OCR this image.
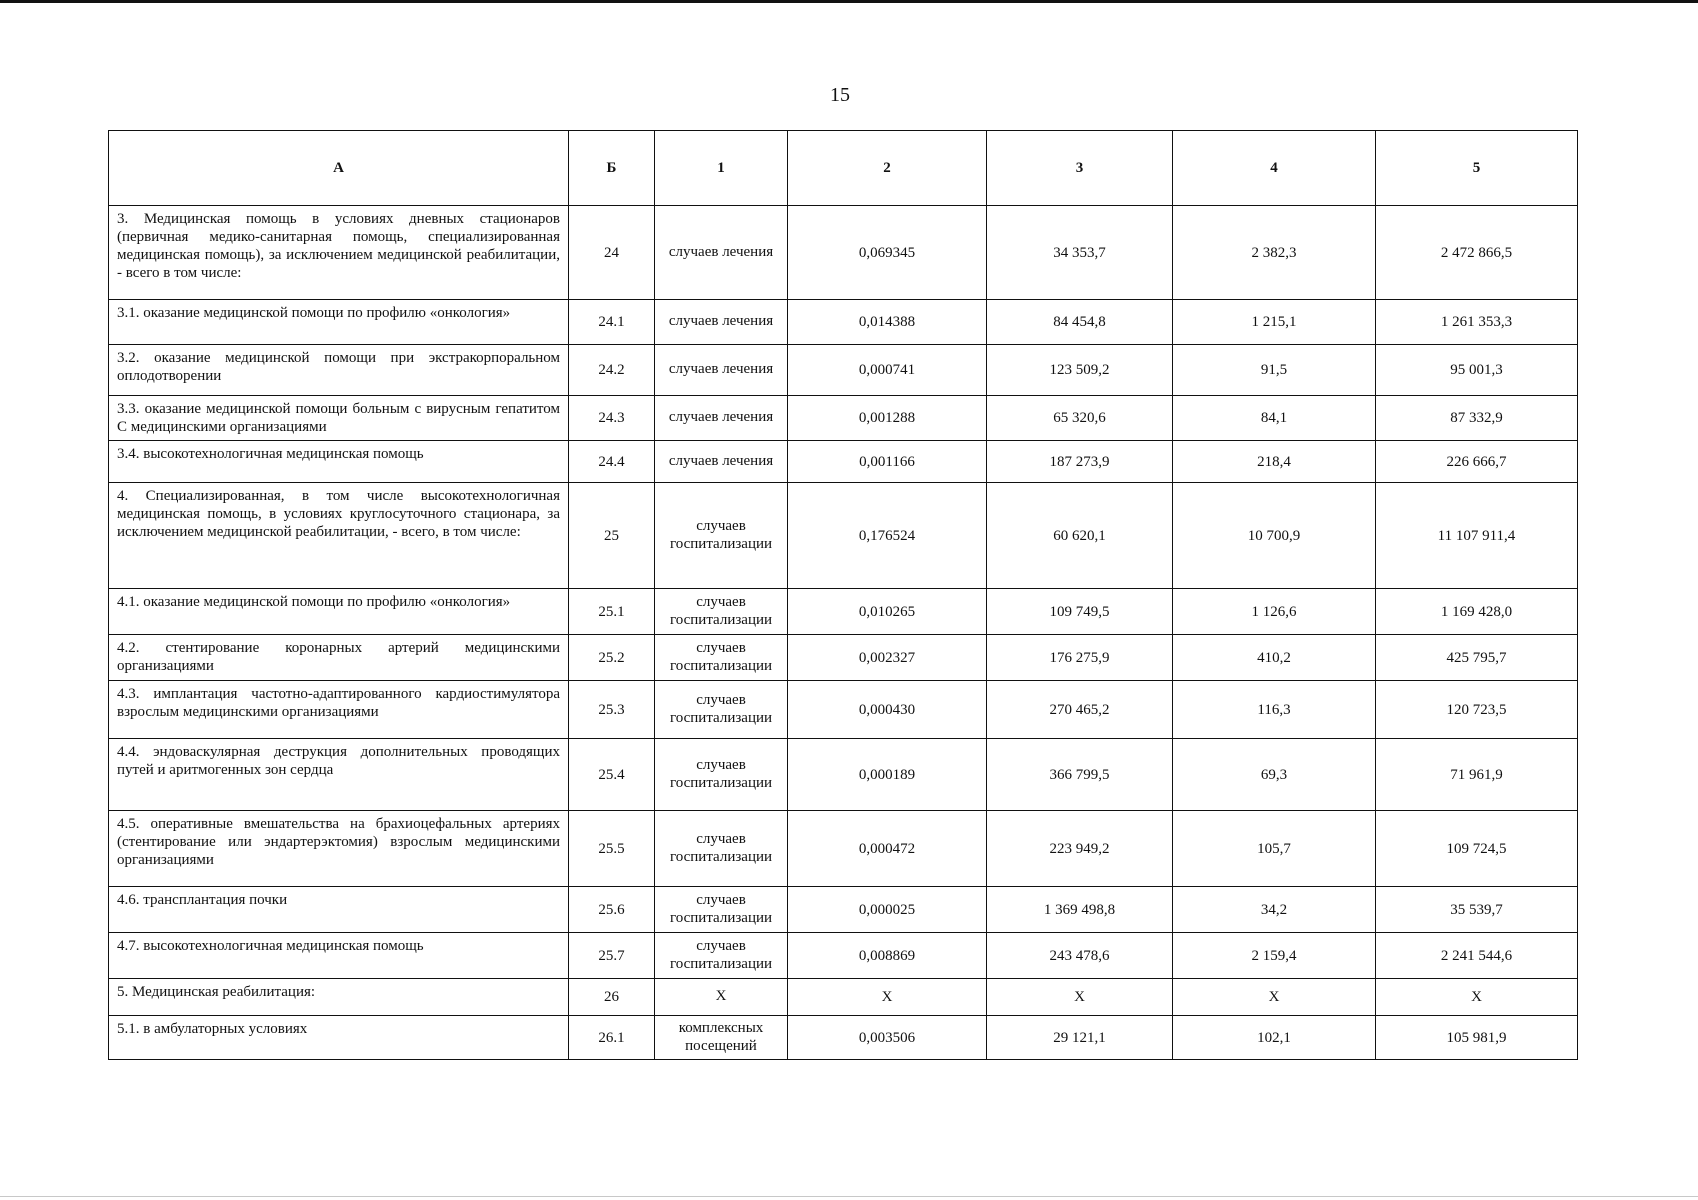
15
А	Б	1	2	3	4	5
3. Медицинская помощь в условиях дневных стационаров (первичная медико-санитарная помощь, специализированная медицинская помощь), за исключением медицинской реабилитации, - всего в том числе:	24	случаев лечения	0,069345	34 353,7	2 382,3	2 472 866,5
3.1. оказание медицинской помощи по профилю «онкология»	24.1	случаев лечения	0,014388	84 454,8	1 215,1	1 261 353,3
3.2. оказание медицинской помощи при экстракорпоральном оплодотворении	24.2	случаев лечения	0,000741	123 509,2	91,5	95 001,3
3.3. оказание медицинской помощи больным с вирусным гепатитом С медицинскими организациями	24.3	случаев лечения	0,001288	65 320,6	84,1	87 332,9
3.4. высокотехнологичная медицинская помощь	24.4	случаев лечения	0,001166	187 273,9	218,4	226 666,7
4. Специализированная, в том числе высокотехнологичная медицинская помощь, в условиях круглосуточного стационара, за исключением медицинской реабилитации, - всего, в том числе:	25	случаев госпитализации	0,176524	60 620,1	10 700,9	11 107 911,4
4.1. оказание медицинской помощи по профилю «онкология»	25.1	случаев госпитализации	0,010265	109 749,5	1 126,6	1 169 428,0
4.2. стентирование коронарных артерий медицинскими организациями	25.2	случаев госпитализации	0,002327	176 275,9	410,2	425 795,7
4.3. имплантация частотно-адаптированного кардиостимулятора взрослым медицинскими организациями	25.3	случаев госпитализации	0,000430	270 465,2	116,3	120 723,5
4.4. эндоваскулярная деструкция дополнительных проводящих путей и аритмогенных зон сердца	25.4	случаев госпитализации	0,000189	366 799,5	69,3	71 961,9
4.5. оперативные вмешательства на брахиоцефальных артериях (стентирование или эндартерэктомия) взрослым медицинскими организациями	25.5	случаев госпитализации	0,000472	223 949,2	105,7	109 724,5
4.6. трансплантация почки	25.6	случаев госпитализации	0,000025	1 369 498,8	34,2	35 539,7
4.7. высокотехнологичная медицинская помощь	25.7	случаев госпитализации	0,008869	243 478,6	2 159,4	2 241 544,6
5. Медицинская реабилитация:	26	Х	Х	Х	Х	Х
5.1. в амбулаторных условиях	26.1	комплексных посещений	0,003506	29 121,1	102,1	105 981,9
